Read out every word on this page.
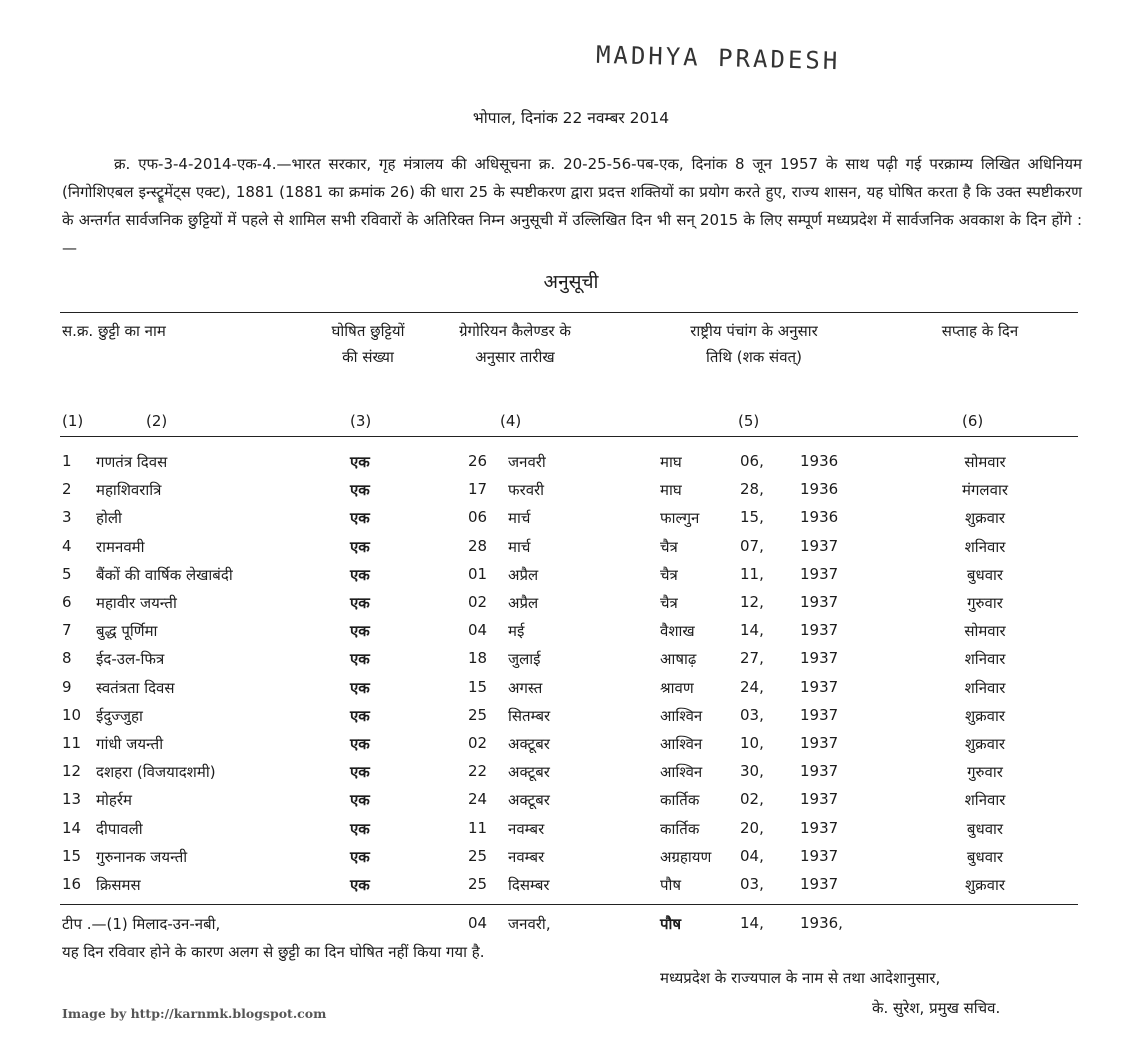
MADHYA PRADESH
भोपाल, दिनांक 22 नवम्बर 2014

क्र. एफ-3-4-2014-एक-4.—भारत सरकार, गृह मंत्रालय की अधिसूचना क्र. 20-25-56-पब-एक, दिनांक 8 जून 1957 के साथ पढ़ी गई परक्राम्य लिखित अधिनियम (निगोशिएबल इन्स्ट्रूमेंट्स एक्ट), 1881 (1881 का क्रमांक 26) की धारा 25 के स्पष्टीकरण द्वारा प्रदत्त शक्तियों का प्रयोग करते हुए, राज्य शासन, यह घोषित करता है कि उक्त स्पष्टीकरण के अन्तर्गत सार्वजनिक छुट्टियों में पहले से शामिल सभी रविवारों के अतिरिक्त निम्न अनुसूची में उल्लिखित दिन भी सन् 2015 के लिए सम्पूर्ण मध्यप्रदेश में सार्वजनिक अवकाश के दिन होंगे :—

अनुसूची
स.क्र. छुट्टी का नाम	घोषित छुट्टियों की संख्या
ग्रेगोरियन कैलेण्डर के अनुसार तारीख
राष्ट्रीय पंचांग के अनुसार तिथि (शक संवत्)
सप्ताह के दिन
(1)	(2)	(3)	(4)	(5)	(6)
1	गणतंत्र दिवस	एक	26 जनवरी	माघ	06, 1936	सोमवार
2	महाशिवरात्रि	एक	17 फरवरी	माघ	28, 1936	मंगलवार
3	होली	एक	06 मार्च	फाल्गुन	15, 1936	शुक्रवार
4	रामनवमी	एक	28 मार्च	चैत्र	07, 1937	शनिवार
5	बैंकों की वार्षिक लेखाबंदी	एक	01 अप्रैल	चैत्र	11, 1937	बुधवार
6	महावीर जयन्ती	एक	02 अप्रैल	चैत्र	12, 1937	गुरुवार
7	बुद्ध पूर्णिमा	एक	04 मई	वैशाख	14, 1937	सोमवार
8	ईद-उल-फित्र	एक	18 जुलाई	आषाढ़	27, 1937	शनिवार
9	स्वतंत्रता दिवस	एक	15 अगस्त	श्रावण	24, 1937	शनिवार
10 ईदुज्जुहा	एक	25 सितम्बर	आश्विन	03, 1937	शुक्रवार
11 गांधी जयन्ती	एक	02 अक्टूबर	आश्विन	10, 1937	शुक्रवार
12 दशहरा (विजयादशमी)	एक	22 अक्टूबर	आश्विन	30, 1937	गुरुवार
13 मोहर्रम	एक	24 अक्टूबर	कार्तिक	02, 1937	शनिवार
14 दीपावली	एक	11 नवम्बर	कार्तिक	20, 1937	बुधवार
15 गुरुनानक जयन्ती	एक	25 नवम्बर	अग्रहायण 04, 1937	बुधवार
16 क्रिसमस	एक	25 दिसम्बर	पौष	03, 1937	शुक्रवार
टीप .—(1) मिलाद-उन-नबी,	04 जनवरी,	पौष	14, 1936,
यह दिन रविवार होने के कारण अलग से छुट्टी का दिन घोषित नहीं किया गया है.
मध्यप्रदेश के राज्यपाल के नाम से तथा आदेशानुसार,
के. सुरेश, प्रमुख सचिव.
Image by http://karnmk.blogspot.com
